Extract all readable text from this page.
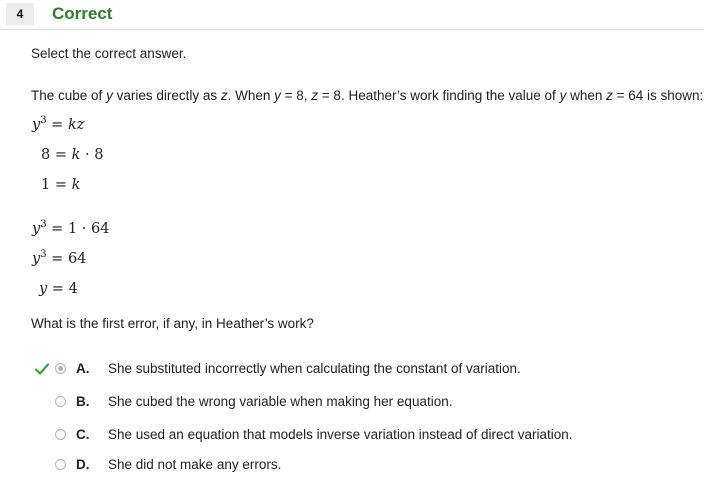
4	Correct
Select the correct answer.
The cube of y varies directly as z. When y = 8, z = 8. Heather’s work finding the value of y when z = 64 is shown:
$y^3$ = kz
8 = k · 8
1 = k
$y^3 = 1 \cdot 64$
$y^3 = 64$
y = 4
What is the first error, if any, in Heather’s work?
A. She substituted incorrectly when calculating the constant of variation.
B. She cubed the wrong variable when making her equation.
C. She used an equation that models inverse variation instead of direct variation.
D. She did not make any errors.
